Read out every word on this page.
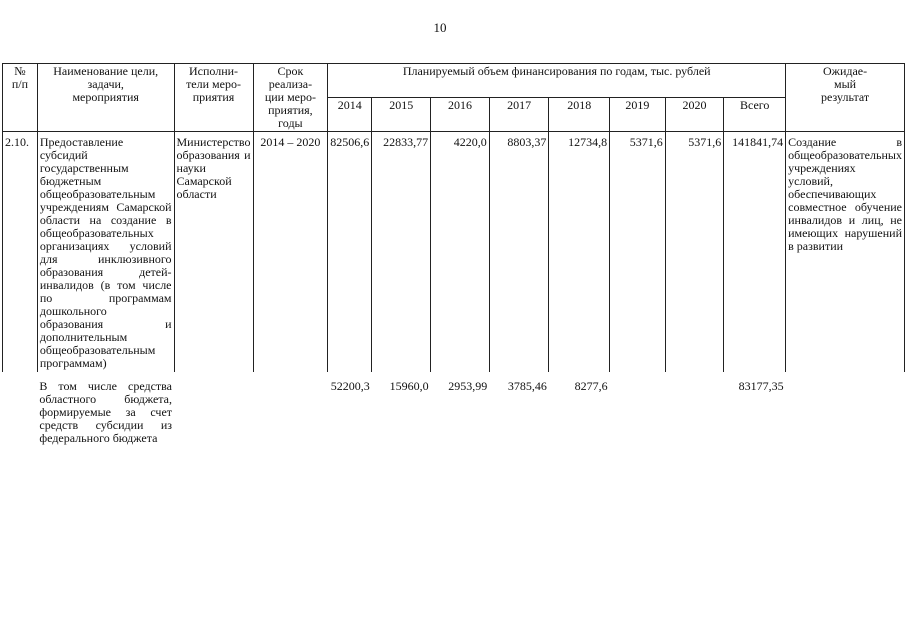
10
№
п/п	Наименование цели,
задачи,
мероприятия	Исполни-
тели меро-
приятия	Срок
реализа-
ции меро-
приятия,
годы	Планируемый объем финансирования по годам, тыс. рублей								Ожидае-
мый
результат
				2014	2015	2016	2017	2018	2019	2020	Всего	
2.10.	Предоставление субсидий государственным бюджетным общеобразовательным учреждениям Самарской области на создание в общеобразовательных организациях условий для инклюзивного образования детей-инвалидов (в том числе по программам дошкольного образования и дополнительным общеобразовательным программам)	Министерство образования и науки Самарской области	2014 – 2020	82506,6	22833,77	4220,0	8803,37	12734,8	5371,6	5371,6	141841,74	Создание в общеобразовательных учреждениях условий, обеспечивающих совместное обучение инвалидов и лиц, не имеющих нарушений в развитии
	В том числе средства областного бюджета, формируемые за счет средств субсидии из федерального бюджета			52200,3	15960,0	2953,99	3785,46	8277,6			83177,35	
